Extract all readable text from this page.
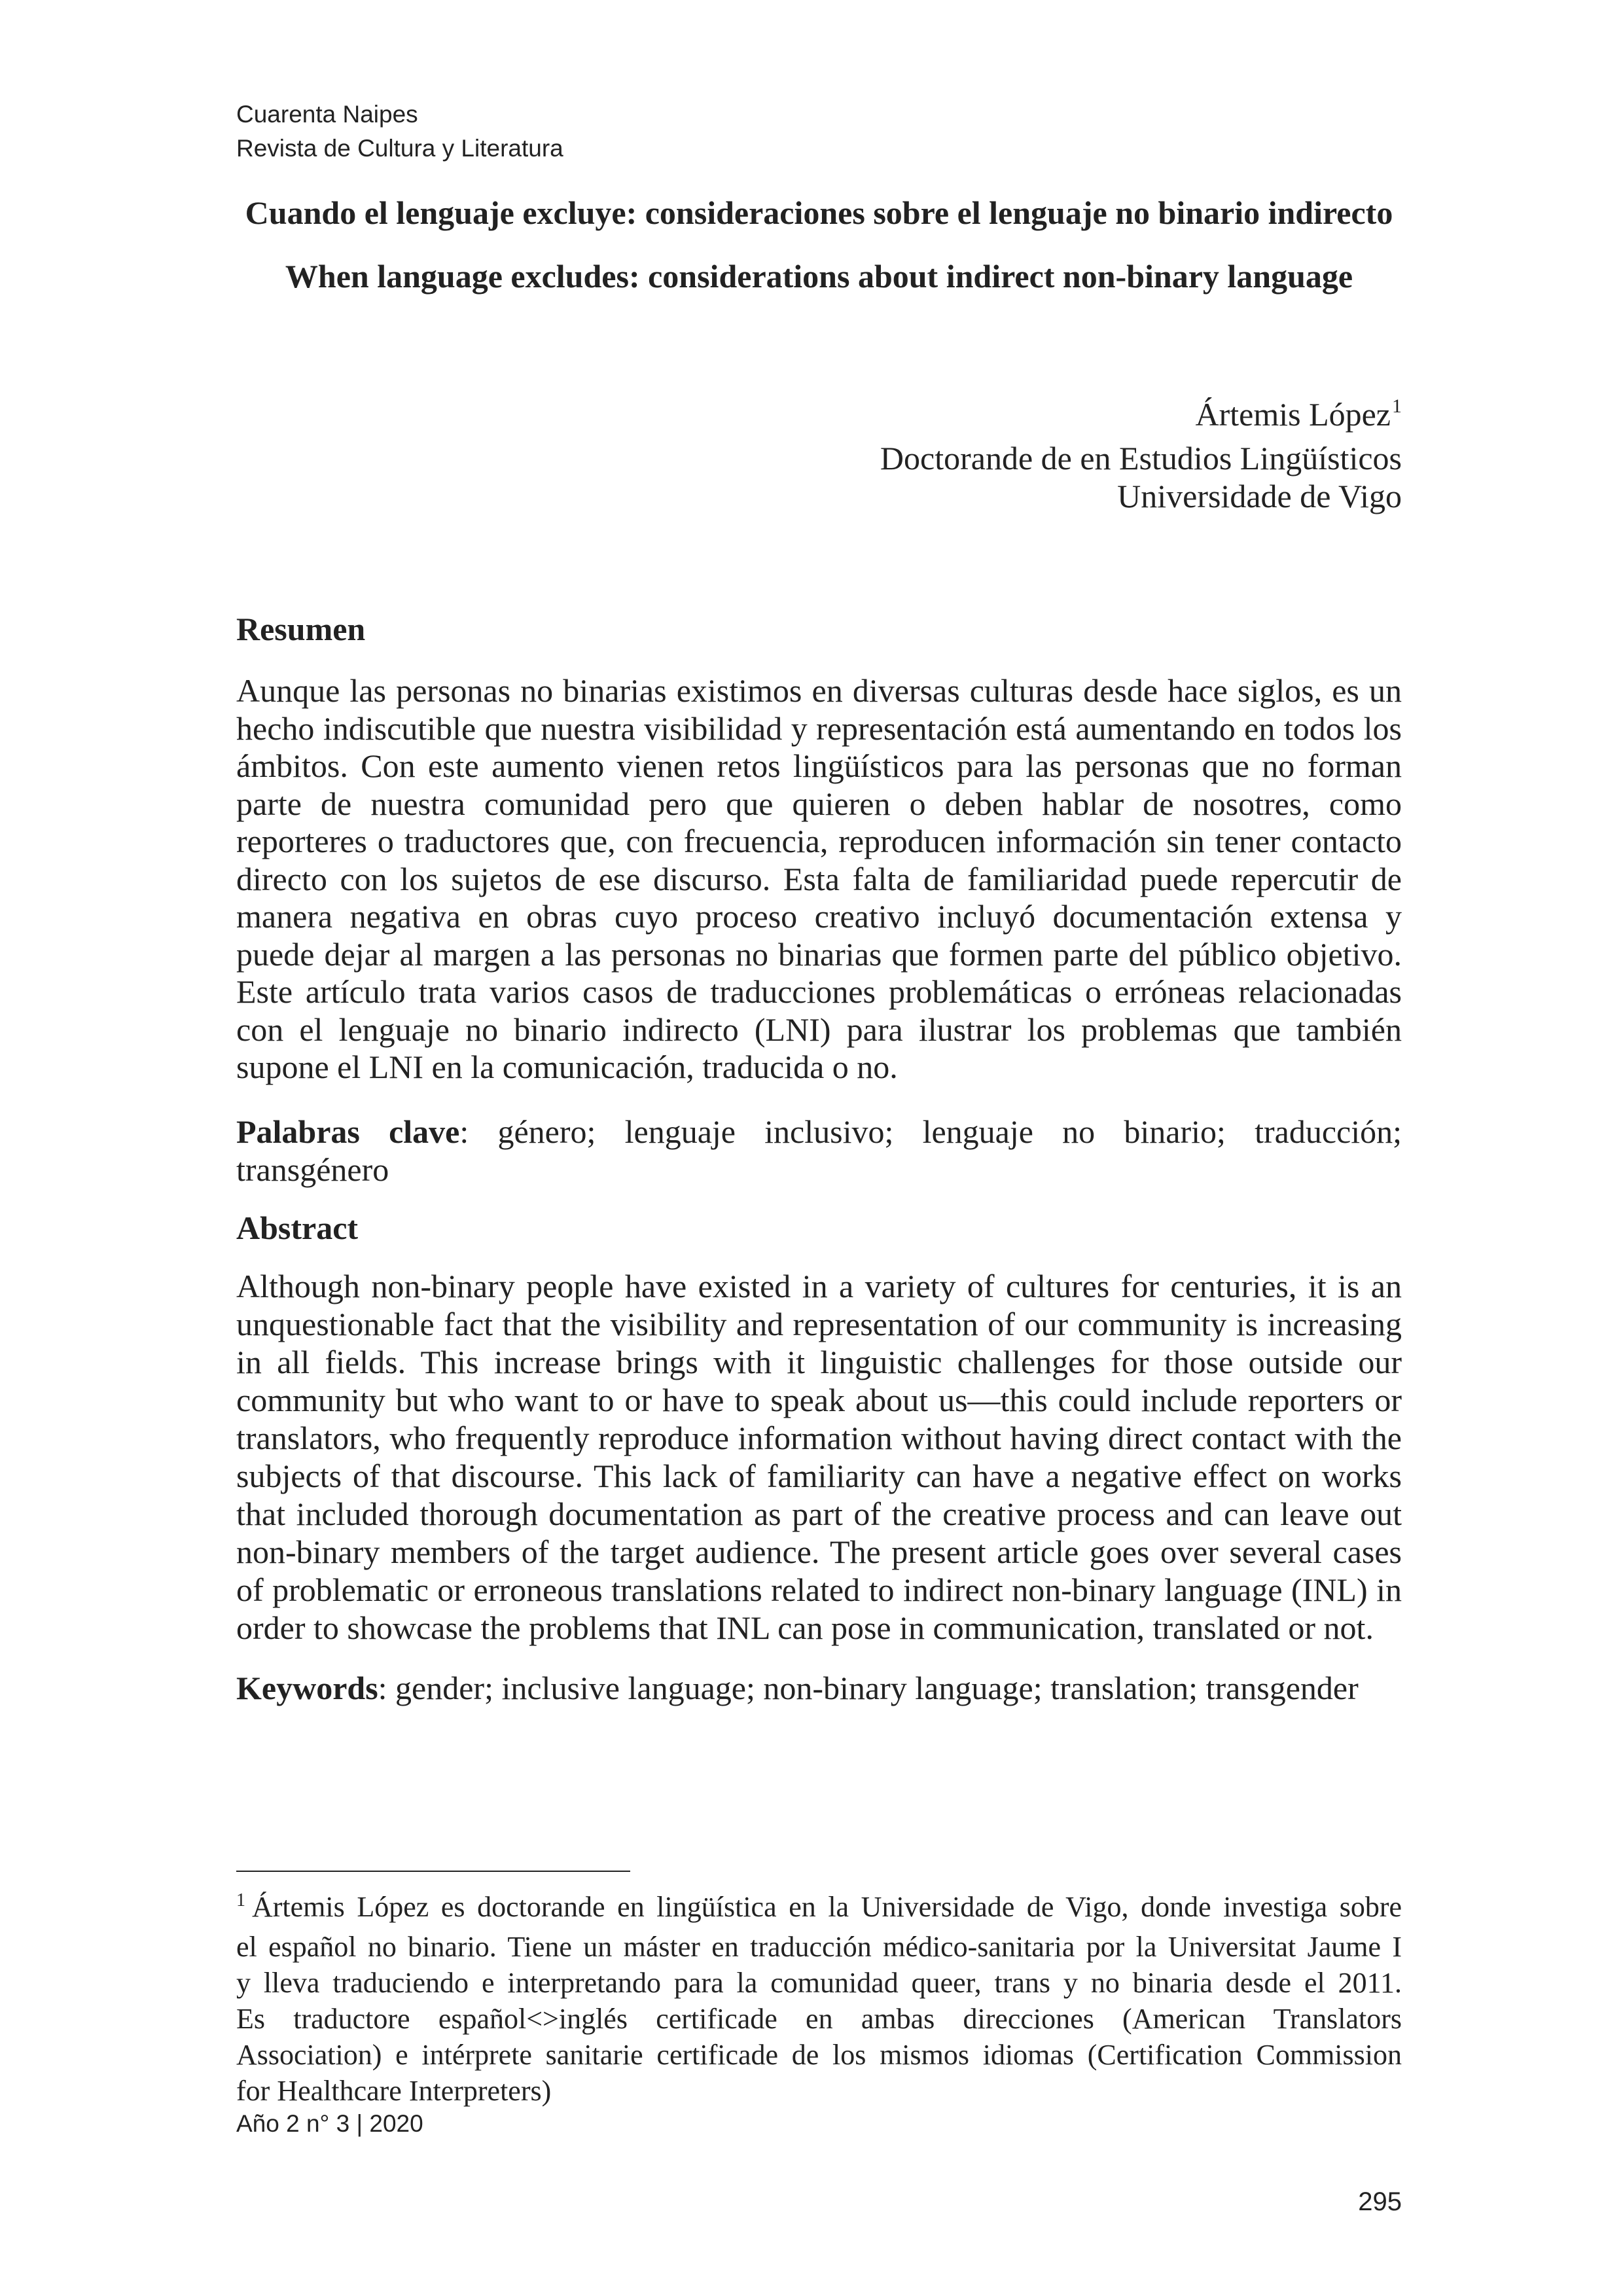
Cuarenta Naipes
Revista de Cultura y Literatura
Cuando el lenguaje excluye: consideraciones sobre el lenguaje no binario indirecto
When language excludes: considerations about indirect non-binary language
Ártemis López$^1$
Doctorande de en Estudios Lingüísticos
Universidade de Vigo
Resumen
Aunque las personas no binarias existimos en diversas culturas desde hace siglos, es un
hecho indiscutible que nuestra visibilidad y representación está aumentando en todos los
ámbitos. Con este aumento vienen retos lingüísticos para las personas que no forman
parte de nuestra comunidad pero que quieren o deben hablar de nosotres, como
reporteres o traductores que, con frecuencia, reproducen información sin tener contacto
directo con los sujetos de ese discurso. Esta falta de familiaridad puede repercutir de
manera negativa en obras cuyo proceso creativo incluyó documentación extensa y
puede dejar al margen a las personas no binarias que formen parte del público objetivo.
Este artículo trata varios casos de traducciones problemáticas o erróneas relacionadas
con el lenguaje no binario indirecto (LNI) para ilustrar los problemas que también
supone el LNI en la comunicación, traducida o no.
Palabras clave: género; lenguaje inclusivo; lenguaje no binario; traducción;
transgénero
Abstract
Although non-binary people have existed in a variety of cultures for centuries, it is an
unquestionable fact that the visibility and representation of our community is increasing
in all fields. This increase brings with it linguistic challenges for those outside our
community but who want to or have to speak about us—this could include reporters or
translators, who frequently reproduce information without having direct contact with the
subjects of that discourse. This lack of familiarity can have a negative effect on works
that included thorough documentation as part of the creative process and can leave out
non-binary members of the target audience. The present article goes over several cases
of problematic or erroneous translations related to indirect non-binary language (INL) in
order to showcase the problems that INL can pose in communication, translated or not.
Keywords: gender; inclusive language; non-binary language; translation; transgender
$^1$ Ártemis López es doctorande en lingüística en la Universidade de Vigo, donde investiga sobre
el español no binario. Tiene un máster en traducción médico-sanitaria por la Universitat Jaume I
y lleva traduciendo e interpretando para la comunidad queer, trans y no binaria desde el 2011.
Es traductore español<>inglés certificade en ambas direcciones (American Translators
Association) e intérprete sanitarie certificade de los mismos idiomas (Certification Commission
for Healthcare Interpreters)
Año 2 n° 3 | 2020
295
